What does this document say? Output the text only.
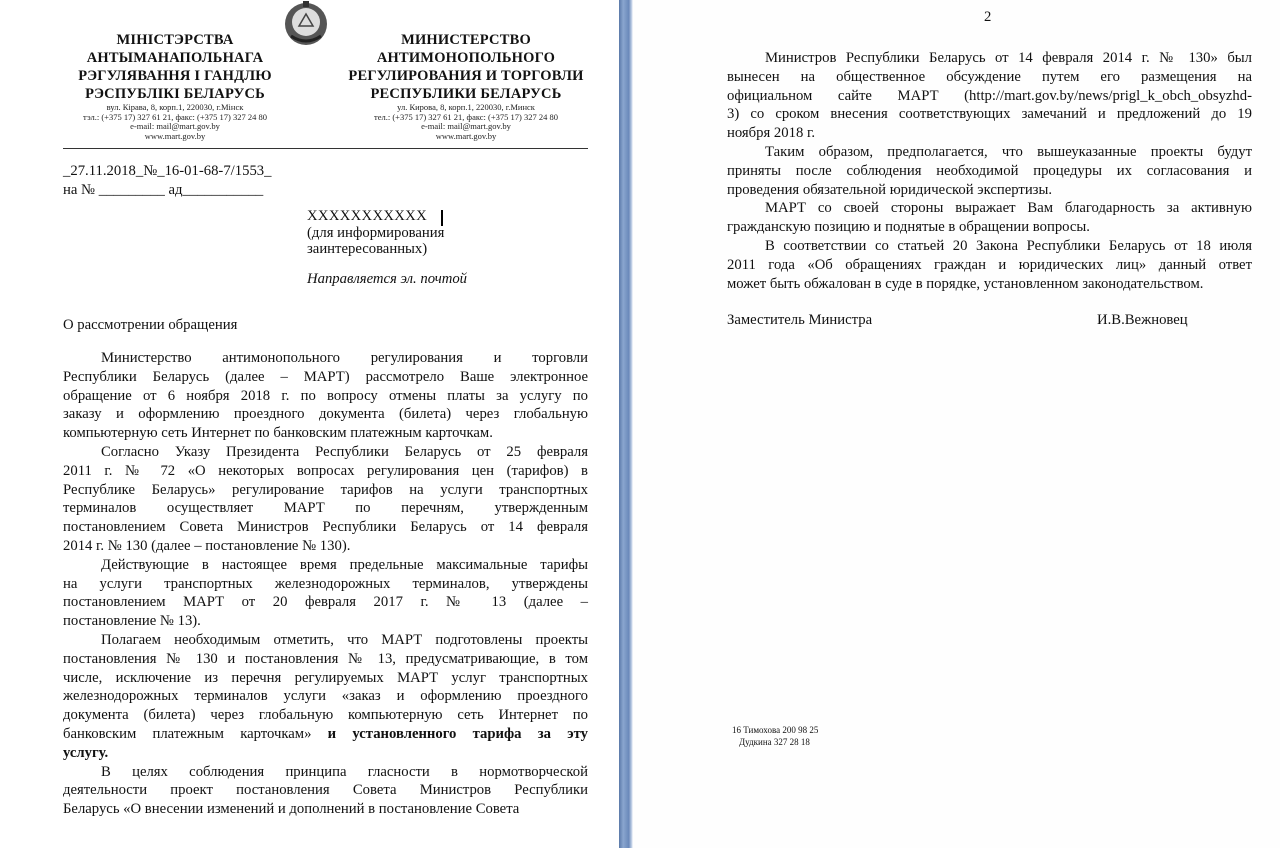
МІНІСТЭРСТВА
АНТЫМАНАПОЛЬНАГА
РЭГУЛЯВАННЯ І ГАНДЛЮ
РЭСПУБЛІКІ БЕЛАРУСЬ
вул. Кірава, 8, корп.1, 220030, г.Мінск
тэл.: (+375 17) 327 61 21, факс: (+375 17) 327 24 80
e-mail: mail@mart.gov.by
www.mart.gov.by
МИНИСТЕРСТВО
АНТИМОНОПОЛЬНОГО
РЕГУЛИРОВАНИЯ И ТОРГОВЛИ
РЕСПУБЛИКИ БЕЛАРУСЬ
ул. Кирова, 8, корп.1, 220030, г.Минск
тел.: (+375 17) 327 61 21, факс: (+375 17) 327 24 80
e-mail: mail@mart.gov.by
www.mart.gov.by
_27.11.2018_№_16-01-68-7/1553_
на № _________ ад___________
XXXXXXXXXXX
(для информирования
заинтересованных)
Направляется эл. почтой
О рассмотрении обращения
Министерство антимонопольного регулирования и торговли
Республики Беларусь (далее – МАРТ) рассмотрело Ваше электронное
обращение от 6 ноября 2018 г. по вопросу отмены платы за услугу по
заказу и оформлению проездного документа (билета) через глобальную
компьютерную сеть Интернет по банковским платежным карточкам.
Согласно Указу Президента Республики Беларусь от 25 февраля
2011 г. № 72 «О некоторых вопросах регулирования цен (тарифов) в
Республике Беларусь» регулирование тарифов на услуги транспортных
терминалов осуществляет МАРТ по перечням, утвержденным
постановлением Совета Министров Республики Беларусь от 14 февраля
2014 г. № 130 (далее – постановление № 130).
Действующие в настоящее время предельные максимальные тарифы
на услуги транспортных железнодорожных терминалов, утверждены
постановлением МАРТ от 20 февраля 2017 г. № 13 (далее –
постановление № 13).
Полагаем необходимым отметить, что МАРТ подготовлены проекты
постановления № 130 и постановления № 13, предусматривающие, в том
числе, исключение из перечня регулируемых МАРТ услуг транспортных
железнодорожных терминалов услуги «заказ и оформлению проездного
документа (билета) через глобальную компьютерную сеть Интернет по
банковским платежным карточкам» и установленного тарифа за эту
услугу.
В целях соблюдения принципа гласности в нормотворческой
деятельности проект постановления Совета Министров Республики
Беларусь «О внесении изменений и дополнений в постановление Совета
2
Министров Республики Беларусь от 14 февраля 2014 г. № 130» был
вынесен на общественное обсуждение путем его размещения на
официальном сайте МАРТ (http://mart.gov.by/news/prigl_k_obch_obsyzhd-
3) со сроком внесения соответствующих замечаний и предложений до 19
ноября 2018 г.
Таким образом, предполагается, что вышеуказанные проекты будут
приняты после соблюдения необходимой процедуры их согласования и
проведения обязательной юридической экспертизы.
МАРТ со своей стороны выражает Вам благодарность за активную
гражданскую позицию и поднятые в обращении вопросы.
В соответствии со статьей 20 Закона Республики Беларусь от 18 июля
2011 года «Об обращениях граждан и юридических лиц» данный ответ
может быть обжалован в суде в порядке, установленном законодательством.
Заместитель Министра	И.В.Вежновец
16 Тимохова 200 98 25
Дудкина 327 28 18
